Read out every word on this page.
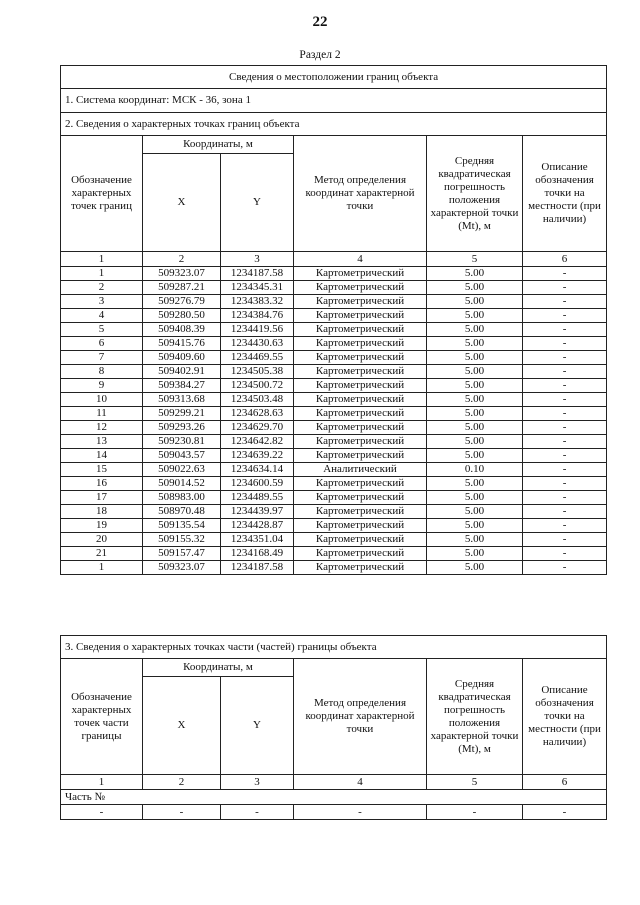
22
Раздел 2
Сведения о местоположении границ объекта					
1. Система координат: МСК - 36, зона 1					
2. Сведения о характерных точках границ объекта					
Обозначение характерных точек границ	Координаты, м		Метод определения координат характерной точки	Средняя квадратическая погрешность положения характерной точки (Mt), м	Описание обозначения точки на местности (при наличии)
	X	Y			
1	2	3	4	5	6
1	509323.07	1234187.58	Картометрический	5.00	-
2	509287.21	1234345.31	Картометрический	5.00	-
3	509276.79	1234383.32	Картометрический	5.00	-
4	509280.50	1234384.76	Картометрический	5.00	-
5	509408.39	1234419.56	Картометрический	5.00	-
6	509415.76	1234430.63	Картометрический	5.00	-
7	509409.60	1234469.55	Картометрический	5.00	-
8	509402.91	1234505.38	Картометрический	5.00	-
9	509384.27	1234500.72	Картометрический	5.00	-
10	509313.68	1234503.48	Картометрический	5.00	-
11	509299.21	1234628.63	Картометрический	5.00	-
12	509293.26	1234629.70	Картометрический	5.00	-
13	509230.81	1234642.82	Картометрический	5.00	-
14	509043.57	1234639.22	Картометрический	5.00	-
15	509022.63	1234634.14	Аналитический	0.10	-
16	509014.52	1234600.59	Картометрический	5.00	-
17	508983.00	1234489.55	Картометрический	5.00	-
18	508970.48	1234439.97	Картометрический	5.00	-
19	509135.54	1234428.87	Картометрический	5.00	-
20	509155.32	1234351.04	Картометрический	5.00	-
21	509157.47	1234168.49	Картометрический	5.00	-
1	509323.07	1234187.58	Картометрический	5.00	-
3. Сведения о характерных точках части (частей) границы объекта					
Обозначение характерных точек части границы	Координаты, м		Метод определения координат характерной точки	Средняя квадратическая погрешность положения характерной точки (Mt), м	Описание обозначения точки на местности (при наличии)
	X	Y			
1	2	3	4	5	6
Часть №					
-	-	-	-	-	-
